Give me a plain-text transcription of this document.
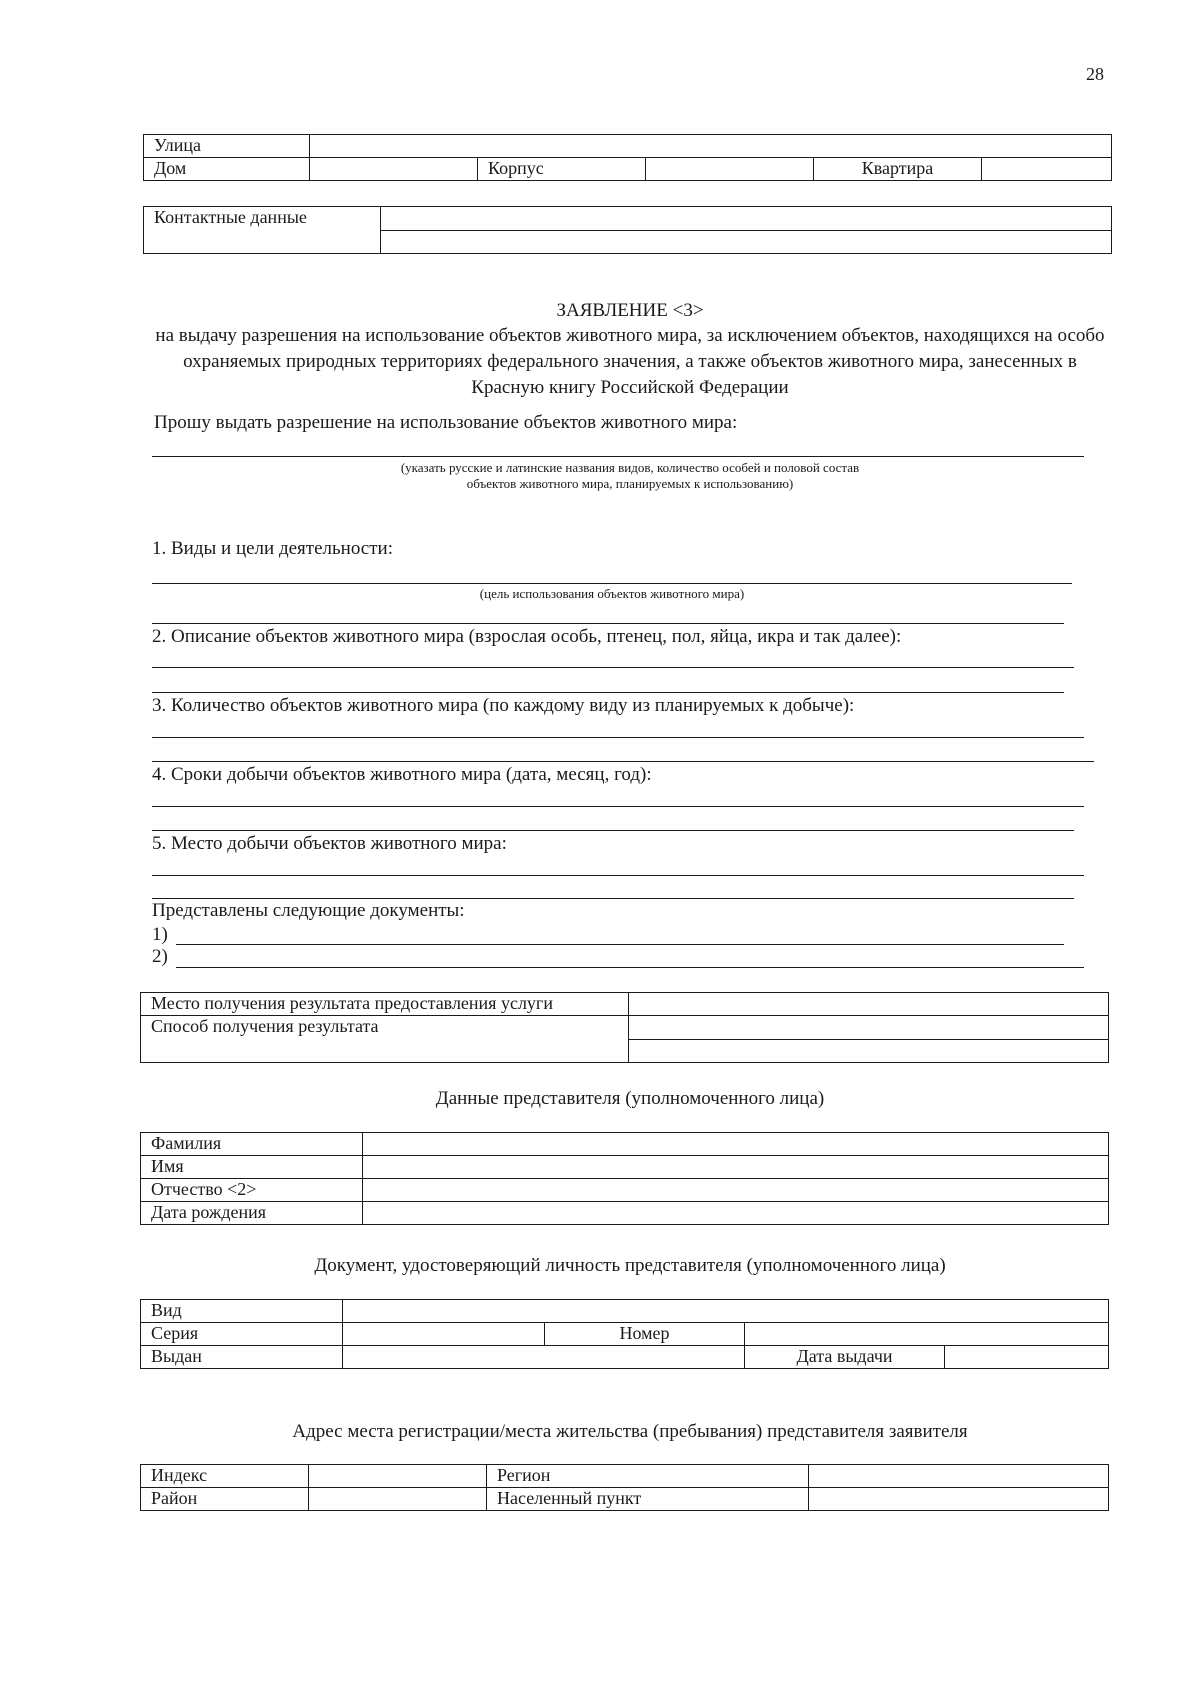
28
Улица					
Дом		Корпус		Квартира	
Контактные данные	

ЗАЯВЛЕНИЕ <3>
на выдачу разрешения на использование объектов животного мира, за исключением объектов, находящихся на особо охраняемых природных территориях федерального значения, а также объектов животного мира, занесенных в Красную книгу Российской Федерации
Прошу выдать разрешение на использование объектов животного мира:
(указать русские и латинские названия видов, количество особей и половой состав объектов животного мира, планируемых к использованию)
1. Виды и цели деятельности:
(цель использования объектов животного мира)
2. Описание объектов животного мира (взрослая особь, птенец, пол, яйца, икра и так далее):
3. Количество объектов животного мира (по каждому виду из планируемых к добыче):
4. Сроки добычи объектов животного мира (дата, месяц, год):
5. Место добычи объектов животного мира:
Представлены следующие документы:
1)
2)
Место получения результата предоставления услуги	
Способ получения результата	

Данные представителя (уполномоченного лица)
Фамилия	
Имя	
Отчество <2>	
Дата рождения	
Документ, удостоверяющий личность представителя (уполномоченного лица)
Вид				
Серия		Номер		
Выдан			Дата выдачи	
Адрес места регистрации/места жительства (пребывания) представителя заявителя
Индекс		Регион	
Район		Населенный пункт	
